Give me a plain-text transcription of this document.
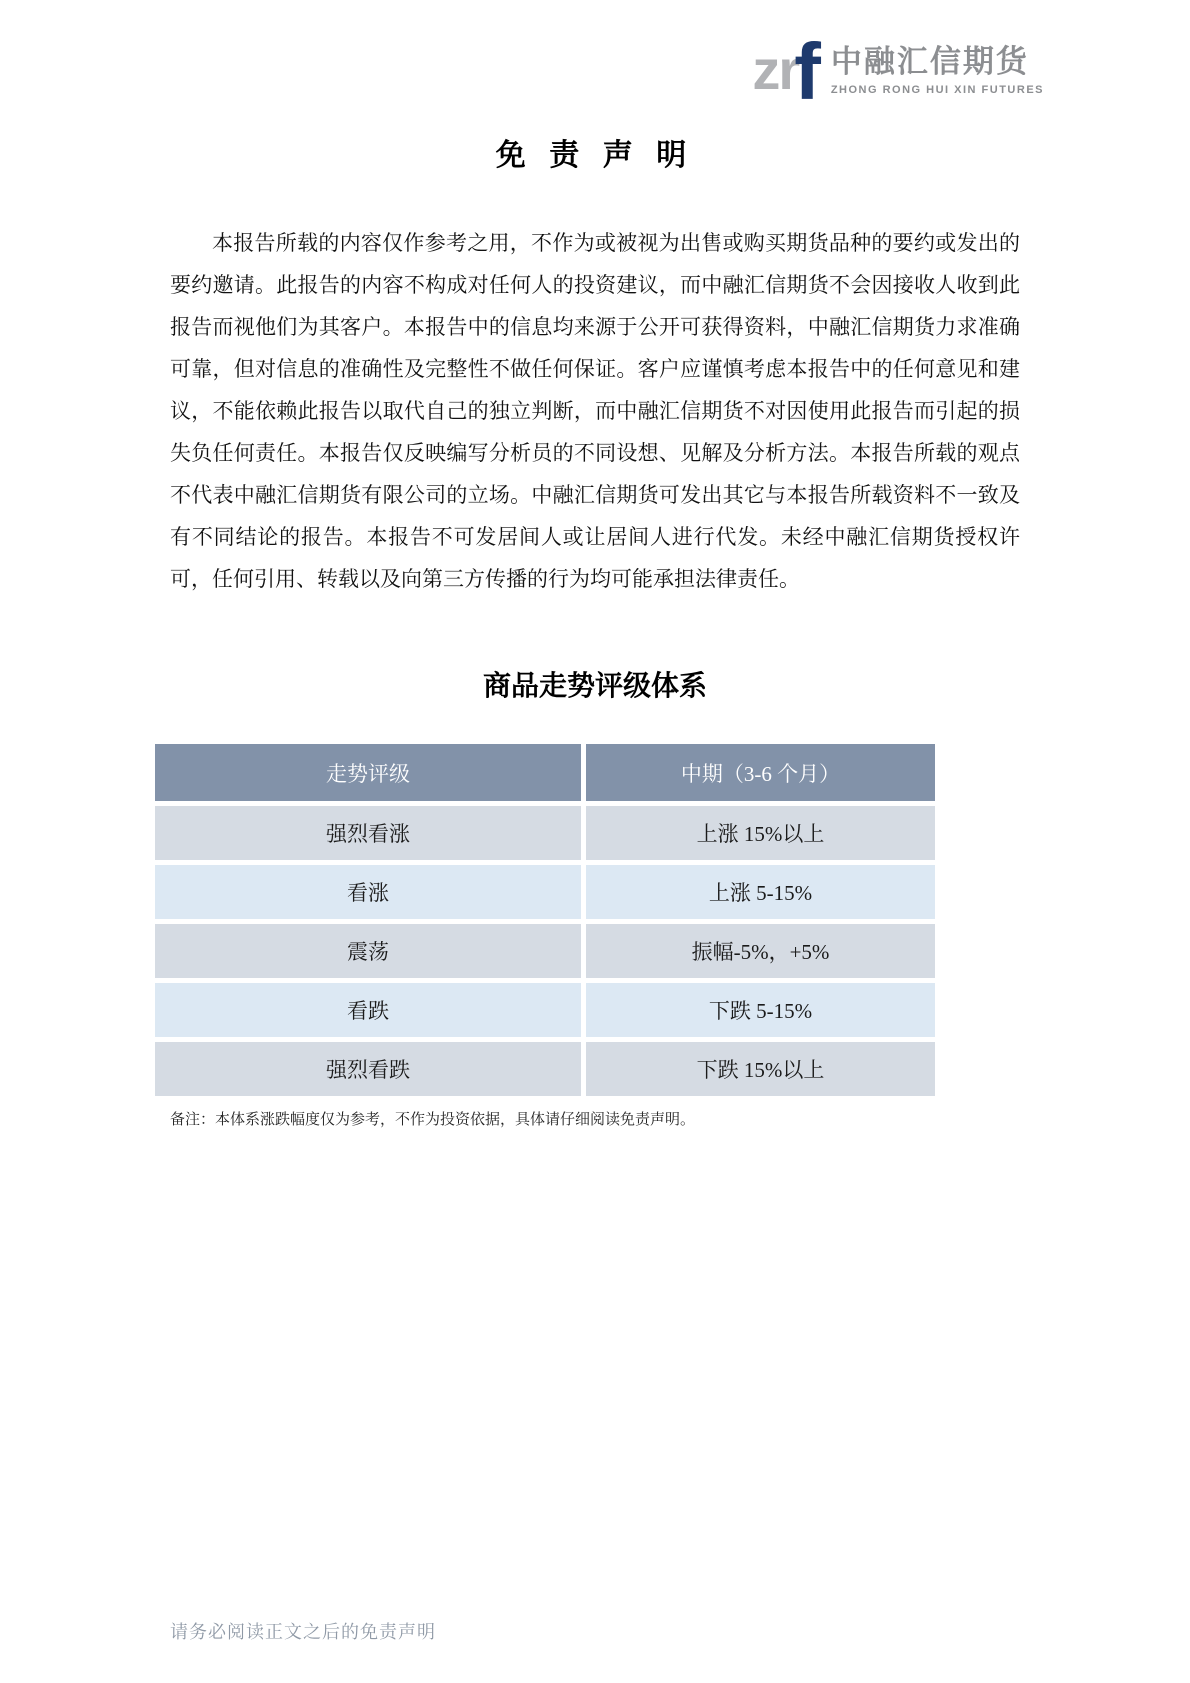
zr
f 中融汇信期货
ZHONG RONG HUI XIN FUTURES
免 责 声 明

本报告所载的内容仅作参考之用，不作为或被视为出售或购买期货品种的要约或发出的要约邀请。此报告的内容不构成对任何人的投资建议，而中融汇信期货不会因接收人收到此报告而视他们为其客户。本报告中的信息均来源于公开可获得资料，中融汇信期货力求准确可靠，但对信息的准确性及完整性不做任何保证。客户应谨慎考虑本报告中的任何意见和建议，不能依赖此报告以取代自己的独立判断，而中融汇信期货不对因使用此报告而引起的损失负任何责任。本报告仅反映编写分析员的不同设想、见解及分析方法。本报告所载的观点不代表中融汇信期货有限公司的立场。中融汇信期货可发出其它与本报告所载资料不一致及有不同结论的报告。本报告不可发居间人或让居间人进行代发。未经中融汇信期货授权许可，任何引用、转载以及向第三方传播的行为均可能承担法律责任。

商品走势评级体系
走势评级	中期（3-6 个月）
强烈看涨	上涨 15%以上
看涨	上涨 5-15%
震荡	振幅-5%，+5%
看跌	下跌 5-15%
强烈看跌	下跌 15%以上

备注：本体系涨跌幅度仅为参考，不作为投资依据，具体请仔细阅读免责声明。

请务必阅读正文之后的免责声明
